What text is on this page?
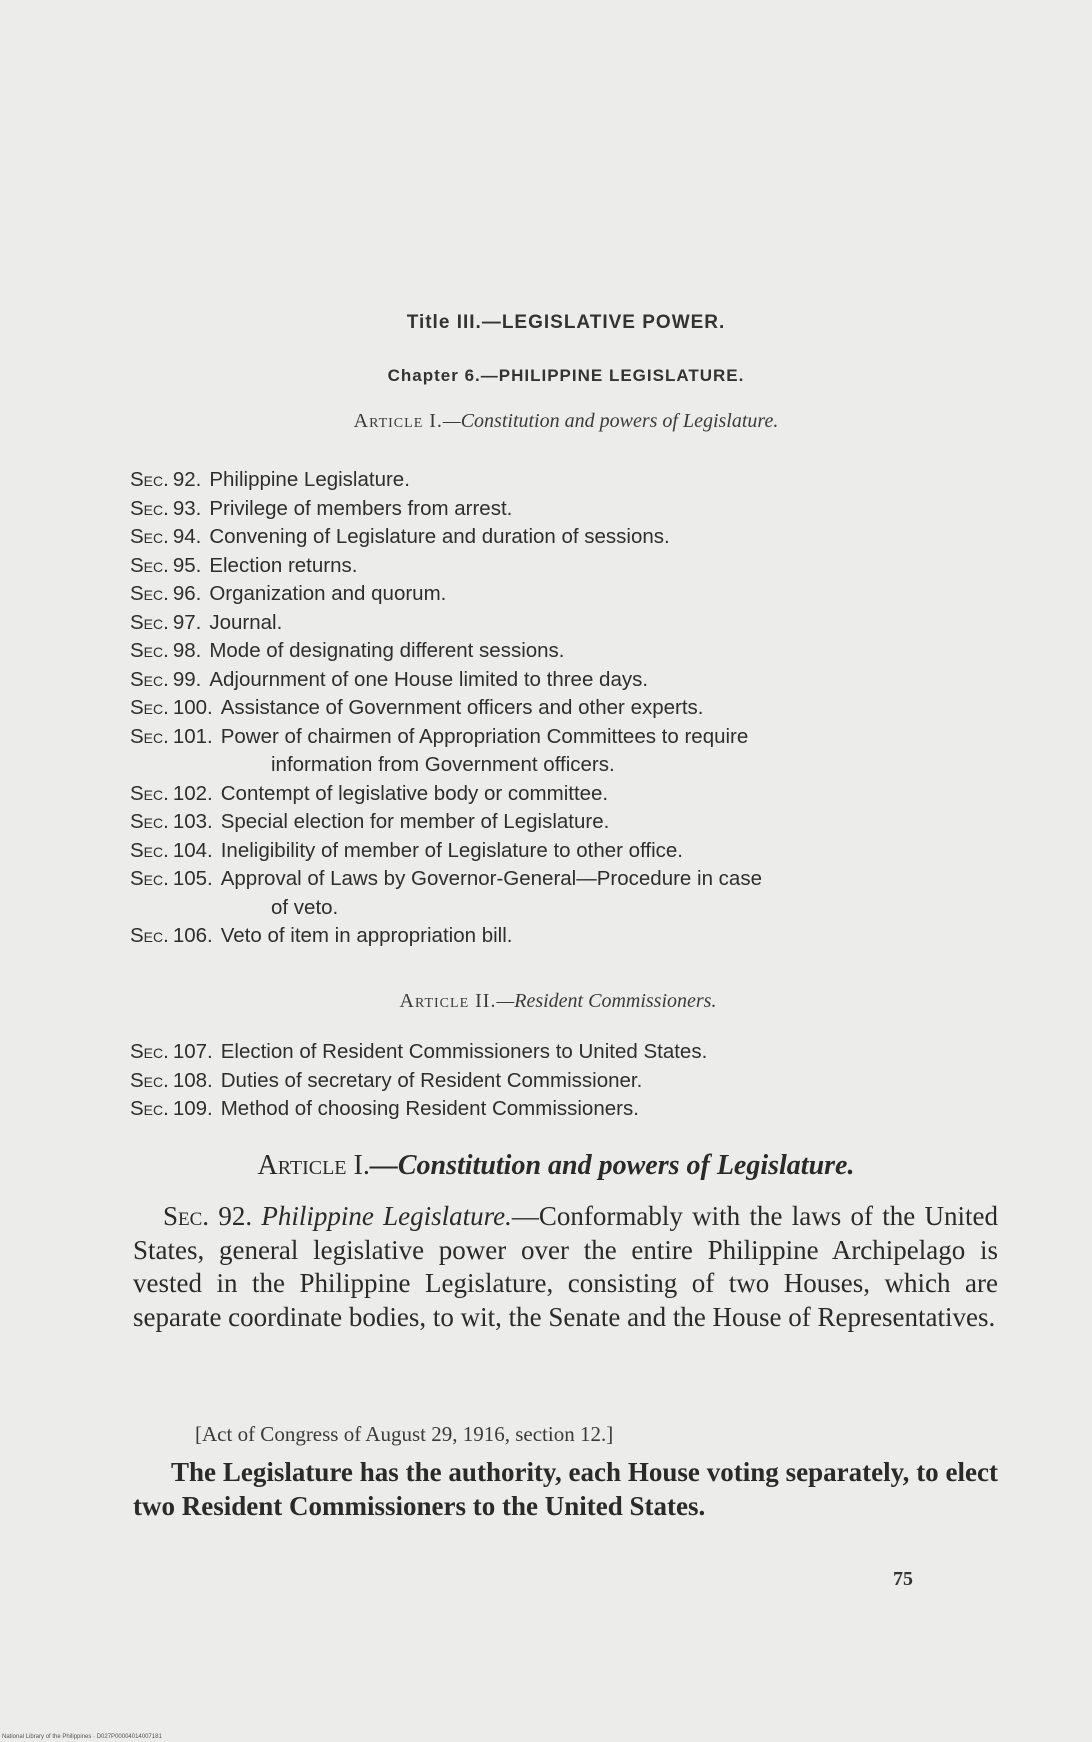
Title III.—LEGISLATIVE POWER.
Chapter 6.—PHILIPPINE LEGISLATURE.
Article I.—Constitution and powers of Legislature.
Sec. 92. Philippine Legislature.
Sec. 93. Privilege of members from arrest.
Sec. 94. Convening of Legislature and duration of sessions.
Sec. 95. Election returns.
Sec. 96. Organization and quorum.
Sec. 97. Journal.
Sec. 98. Mode of designating different sessions.
Sec. 99. Adjournment of one House limited to three days.
Sec. 100. Assistance of Government officers and other experts.
Sec. 101. Power of chairmen of Appropriation Committees to require
information from Government officers.
Sec. 102. Contempt of legislative body or committee.
Sec. 103. Special election for member of Legislature.
Sec. 104. Ineligibility of member of Legislature to other office.
Sec. 105. Approval of Laws by Governor-General—Procedure in case
of veto.
Sec. 106. Veto of item in appropriation bill.
Article II.—Resident Commissioners.
Sec. 107. Election of Resident Commissioners to United States.
Sec. 108. Duties of secretary of Resident Commissioner.
Sec. 109. Method of choosing Resident Commissioners.
Article I.—Constitution and powers of Legislature.
Sec. 92. Philippine Legislature.—Conformably with the laws of the United States, general legislative power over the entire Philippine Archipelago is vested in the Philippine Legislature, consisting of two Houses, which are separate coordinate bodies, to wit, the Senate and the House of Representatives.
[Act of Congress of August 29, 1916, section 12.]
The Legislature has the authority, each House voting separately, to elect two Resident Commissioners to the United States.
75
National Library of the Philippines · D027P00004014007181
